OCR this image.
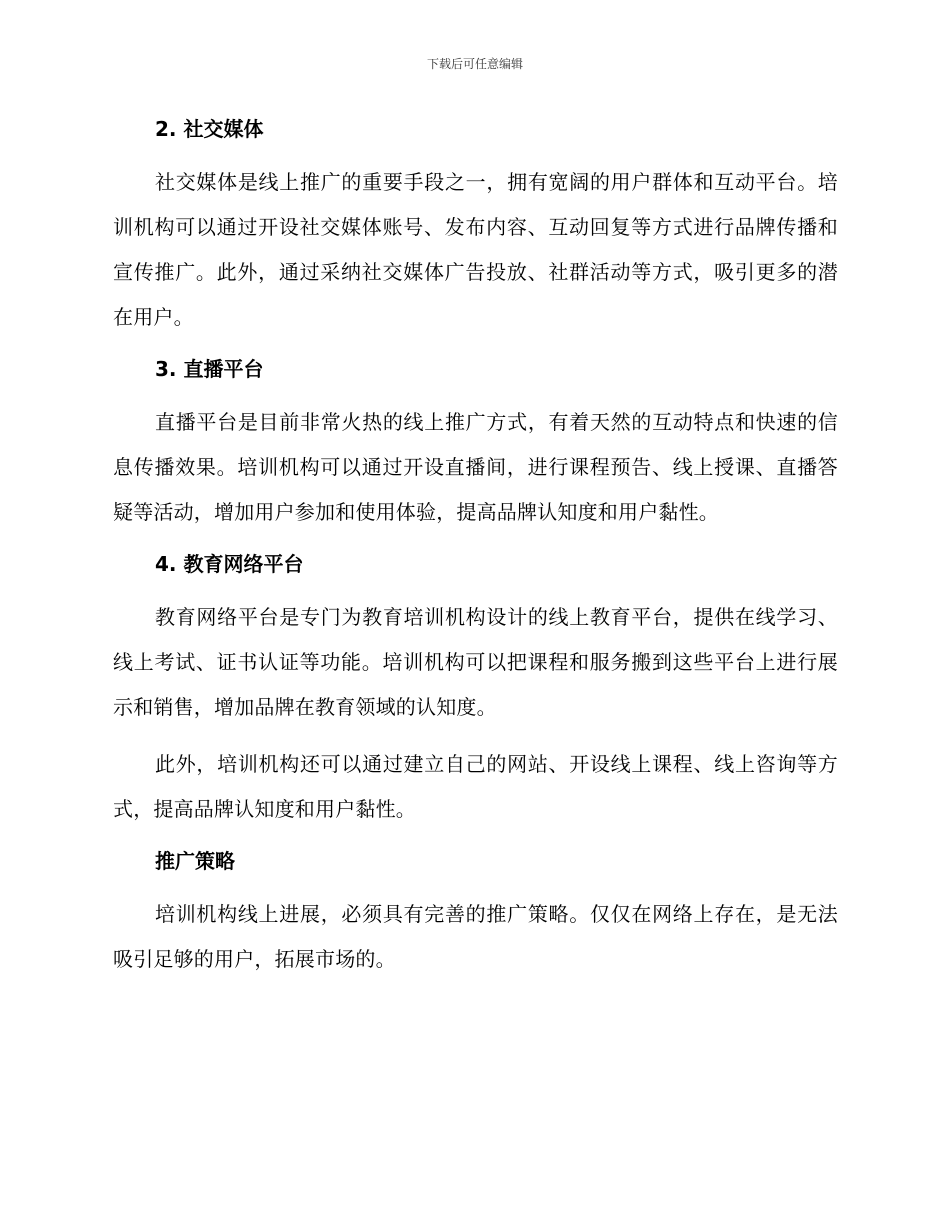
下载后可任意编辑
2. 社交媒体

社交媒体是线上推广的重要手段之一，拥有宽阔的用户群体和互动平台。培训机构可以通过开设社交媒体账号、发布内容、互动回复等方式进行品牌传播和宣传推广。此外，通过采纳社交媒体广告投放、社群活动等方式，吸引更多的潜在用户。

3. 直播平台

直播平台是目前非常火热的线上推广方式，有着天然的互动特点和快速的信息传播效果。培训机构可以通过开设直播间，进行课程预告、线上授课、直播答疑等活动，增加用户参加和使用体验，提高品牌认知度和用户黏性。

4. 教育网络平台

教育网络平台是专门为教育培训机构设计的线上教育平台，提供在线学习、线上考试、证书认证等功能。培训机构可以把课程和服务搬到这些平台上进行展示和销售，增加品牌在教育领域的认知度。

此外，培训机构还可以通过建立自己的网站、开设线上课程、线上咨询等方式，提高品牌认知度和用户黏性。

推广策略

培训机构线上进展，必须具有完善的推广策略。仅仅在网络上存在，是无法吸引足够的用户，拓展市场的。
